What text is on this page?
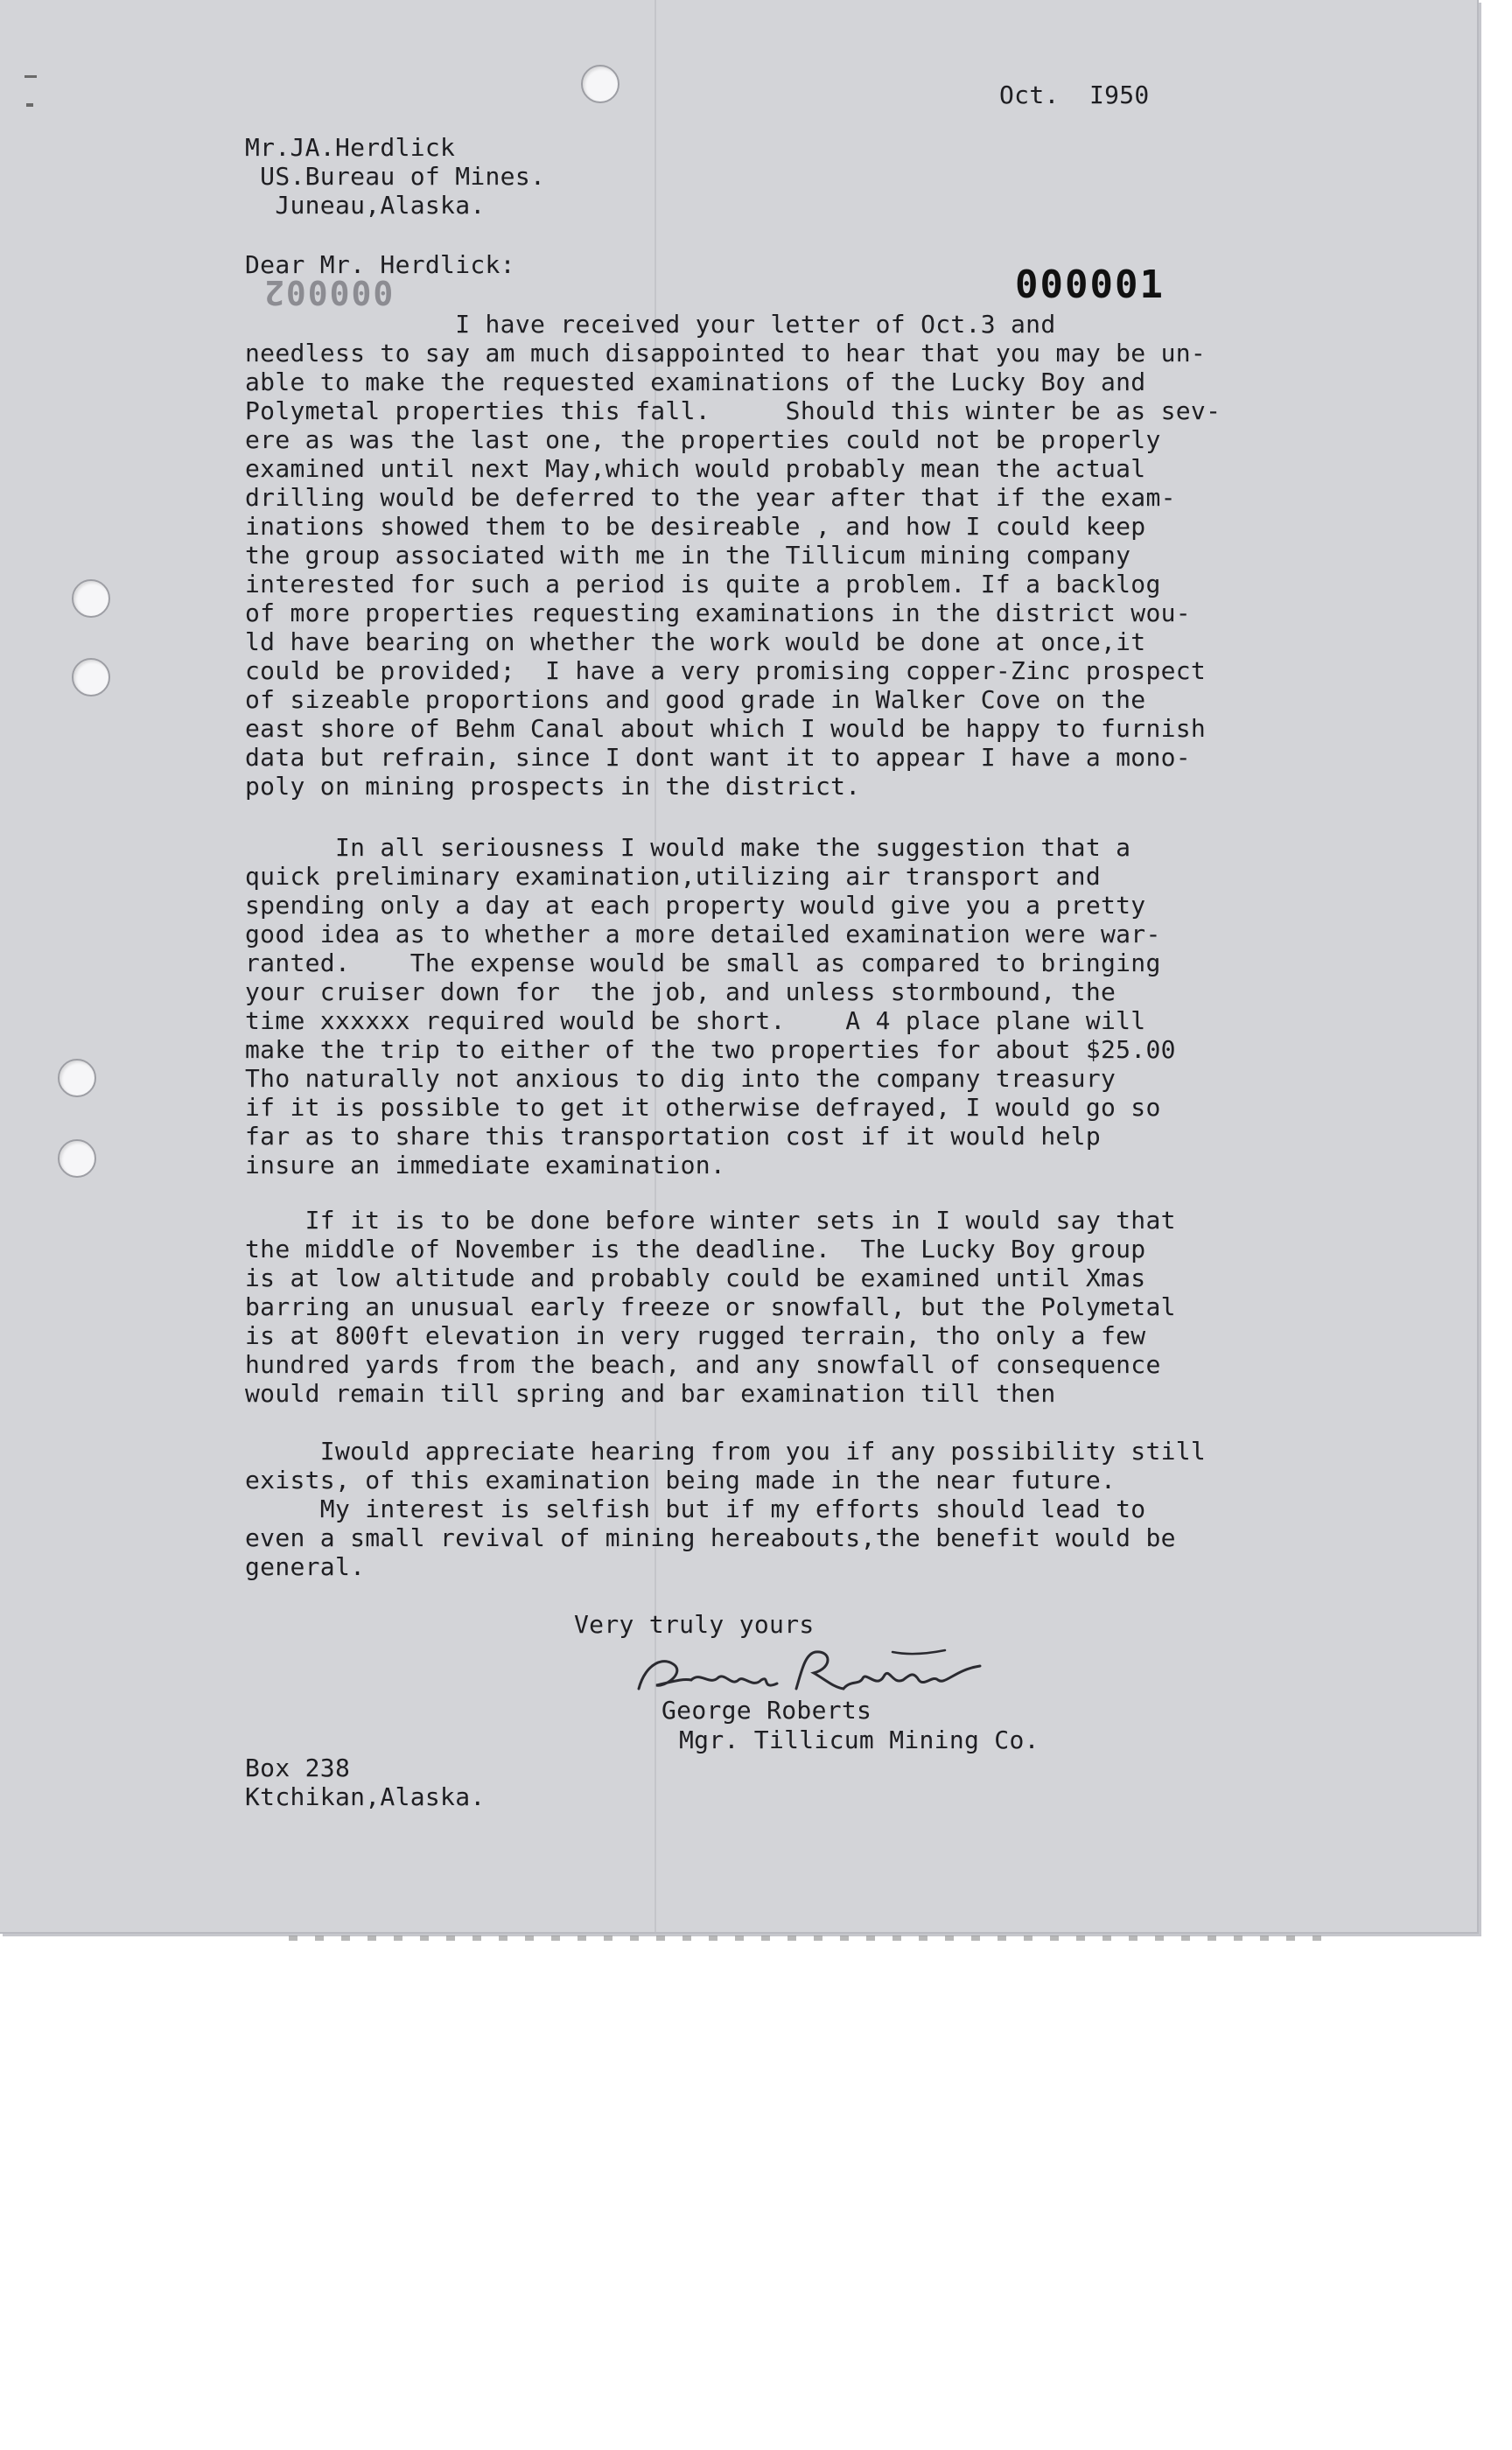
Oct.  I950

Mr.JA.Herdlick

US.Bureau of Mines.

Juneau,Alaska.

Dear Mr. Herdlick:	000001

000002

I have received your letter of Oct.3 and

needless to say am much disappointed to hear that you may be un-

able to make the requested examinations of the Lucky Boy and

Polymetal properties this fall.     Should this winter be as sev-

ere as was the last one, the properties could not be properly

examined until next May,which would probably mean the actual

drilling would be deferred to the year after that if the exam-

inations showed them to be desireable , and how I could keep

the group associated with me in the Tillicum mining company

interested for such a period is quite a problem. If a backlog

of more properties requesting examinations in the district wou-

ld have bearing on whether the work would be done at once,it

could be provided;  I have a very promising copper-Zinc prospect

of sizeable proportions and good grade in Walker Cove on the

east shore of Behm Canal about which I would be happy to furnish

data but refrain, since I dont want it to appear I have a mono-

poly on mining prospects in the district.

In all seriousness I would make the suggestion that a

quick preliminary examination,utilizing air transport and

spending only a day at each property would give you a pretty

good idea as to whether a more detailed examination were war-

ranted.    The expense would be small as compared to bringing

your cruiser down for  the job, and unless stormbound, the

time xxxxxx required would be short.    A 4 place plane will

make the trip to either of the two properties for about $25.00

Tho naturally not anxious to dig into the company treasury

if it is possible to get it otherwise defrayed, I would go so

far as to share this transportation cost if it would help

insure an immediate examination.

If it is to be done before winter sets in I would say that

the middle of November is the deadline.  The Lucky Boy group

is at low altitude and probably could be examined until Xmas

barring an unusual early freeze or snowfall, but the Polymetal

is at 800ft elevation in very rugged terrain, tho only a few

hundred yards from the beach, and any snowfall of consequence

would remain till spring and bar examination till then

Iwould appreciate hearing from you if any possibility still

exists, of this examination being made in the near future.

My interest is selfish but if my efforts should lead to

even a small revival of mining hereabouts,the benefit would be

general.

Very truly yours

George Roberts

Mgr. Tillicum Mining Co.

Box 238

Ktchikan,Alaska.
